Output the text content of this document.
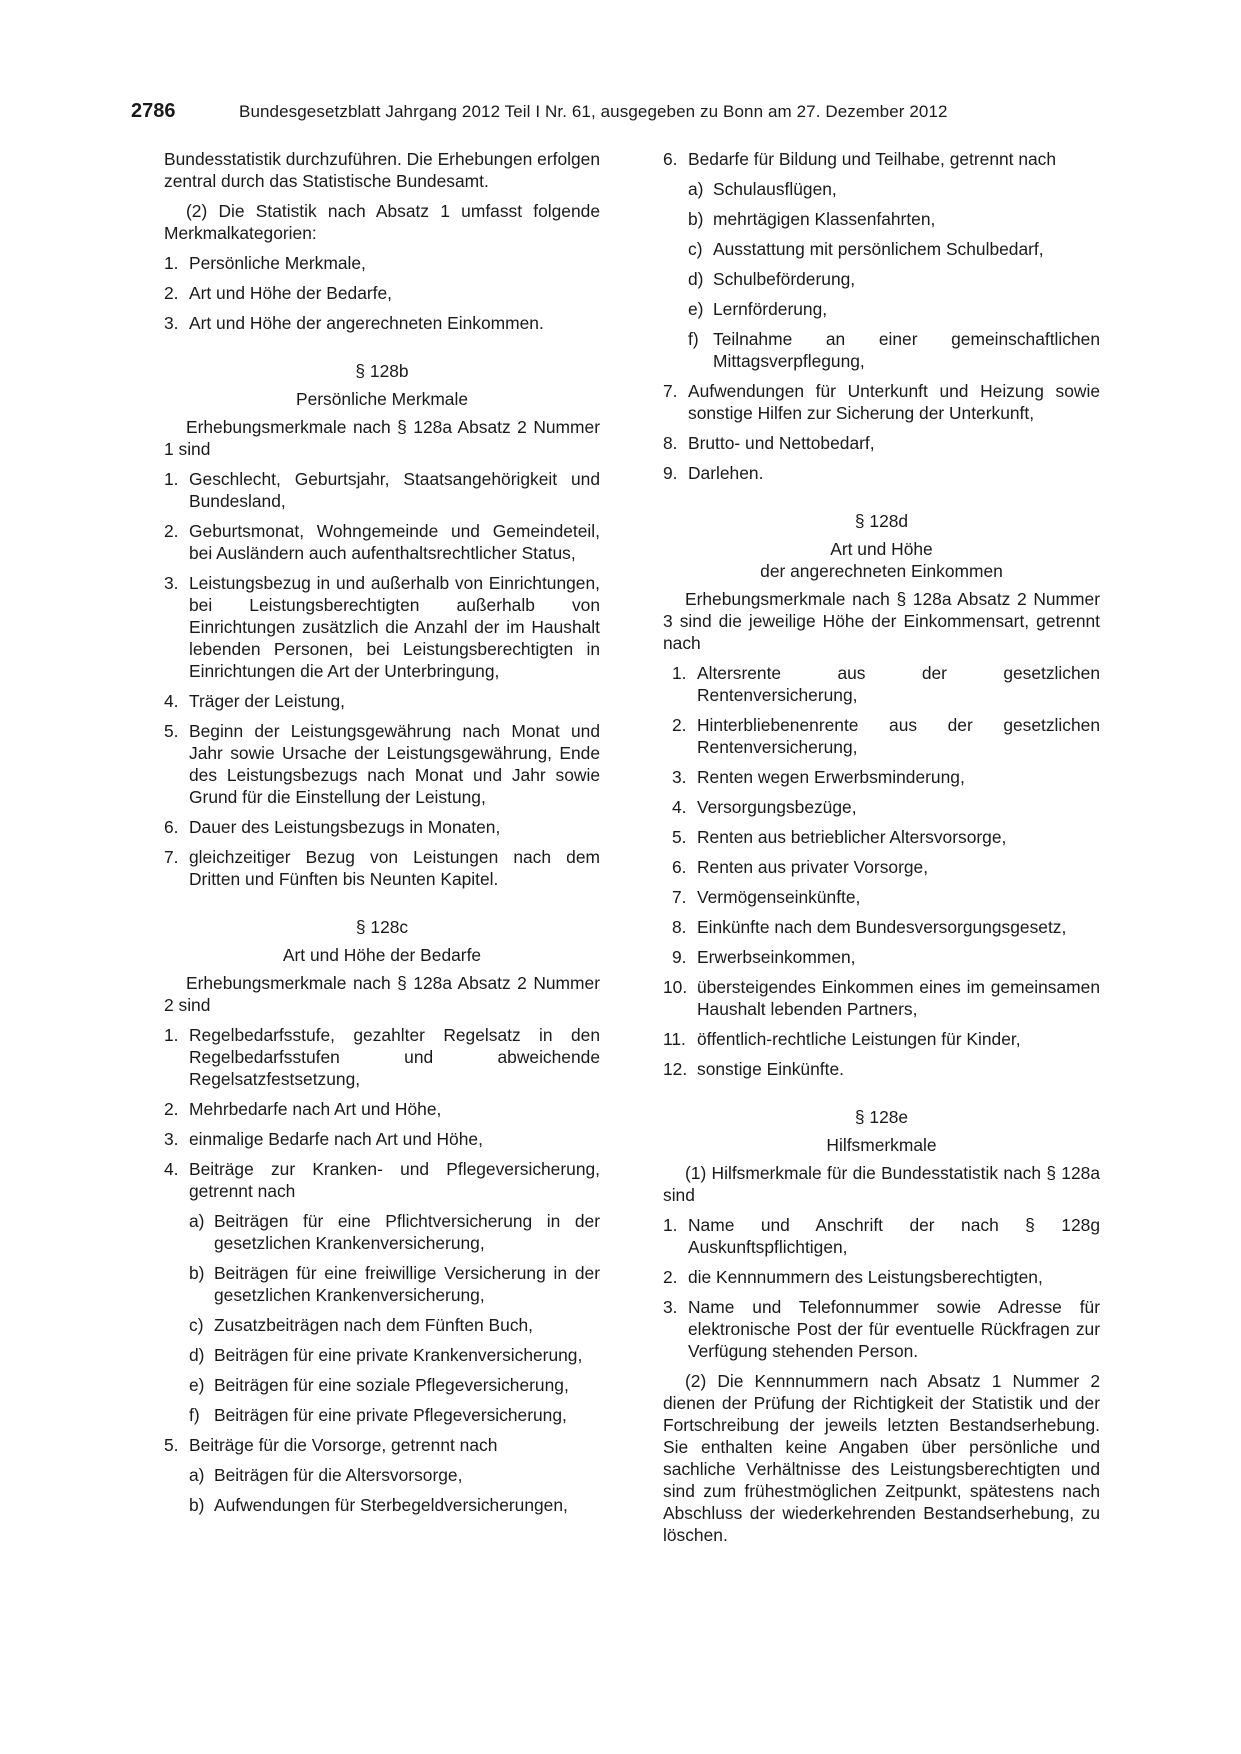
2786	Bundesgesetzblatt Jahrgang 2012 Teil I Nr. 61, ausgegeben zu Bonn am 27. Dezember 2012

Bundesstatistik durchzuführen. Die Erhebungen erfolgen zentral durch das Statistische Bundesamt.

(2) Die Statistik nach Absatz 1 umfasst folgende Merkmalkategorien:

1. Persönliche Merkmale,
2. Art und Höhe der Bedarfe,
3. Art und Höhe der angerechneten Einkommen.
§ 128b
Persönliche Merkmale

Erhebungsmerkmale nach § 128a Absatz 2 Nummer 1 sind

1. Geschlecht, Geburtsjahr, Staatsangehörigkeit und Bundesland,
2. Geburtsmonat, Wohngemeinde und Gemeindeteil, bei Ausländern auch aufenthaltsrechtlicher Status,
3. Leistungsbezug in und außerhalb von Einrichtungen, bei Leistungsberechtigten außerhalb von Einrichtungen zusätzlich die Anzahl der im Haushalt lebenden Personen, bei Leistungsberechtigten in Einrichtungen die Art der Unterbringung,
4. Träger der Leistung,
5. Beginn der Leistungsgewährung nach Monat und Jahr sowie Ursache der Leistungsgewährung, Ende des Leistungsbezugs nach Monat und Jahr sowie Grund für die Einstellung der Leistung,
6. Dauer des Leistungsbezugs in Monaten,
7. gleichzeitiger Bezug von Leistungen nach dem Dritten und Fünften bis Neunten Kapitel.
§ 128c
Art und Höhe der Bedarfe

Erhebungsmerkmale nach § 128a Absatz 2 Nummer 2 sind

1. Regelbedarfsstufe, gezahlter Regelsatz in den Regelbedarfsstufen und abweichende Regelsatzfestsetzung,
2. Mehrbedarfe nach Art und Höhe,
3. einmalige Bedarfe nach Art und Höhe,
4. Beiträge zur Kranken- und Pflegeversicherung, getrennt nach
a) Beiträgen für eine Pflichtversicherung in der gesetzlichen Krankenversicherung,
b) Beiträgen für eine freiwillige Versicherung in der gesetzlichen Krankenversicherung,
c) Zusatzbeiträgen nach dem Fünften Buch,
d) Beiträgen für eine private Krankenversicherung,
e) Beiträgen für eine soziale Pflegeversicherung,
f) Beiträgen für eine private Pflegeversicherung,
5. Beiträge für die Vorsorge, getrennt nach
a) Beiträgen für die Altersvorsorge,
b) Aufwendungen für Sterbegeldversicherungen,
6. Bedarfe für Bildung und Teilhabe, getrennt nach
a) Schulausflügen,
b) mehrtägigen Klassenfahrten,
c) Ausstattung mit persönlichem Schulbedarf,
d) Schulbeförderung,
e) Lernförderung,
f) Teilnahme an einer gemeinschaftlichen Mittagsverpflegung,
7. Aufwendungen für Unterkunft und Heizung sowie sonstige Hilfen zur Sicherung der Unterkunft,
8. Brutto- und Nettobedarf,
9. Darlehen.
§ 128d
Art und Höhe
der angerechneten Einkommen

Erhebungsmerkmale nach § 128a Absatz 2 Nummer 3 sind die jeweilige Höhe der Einkommensart, getrennt nach

1. Altersrente aus der gesetzlichen Rentenversicherung,
2. Hinterbliebenenrente aus der gesetzlichen Rentenversicherung,
3. Renten wegen Erwerbsminderung,
4. Versorgungsbezüge,
5. Renten aus betrieblicher Altersvorsorge,
6. Renten aus privater Vorsorge,
7. Vermögenseinkünfte,
8. Einkünfte nach dem Bundesversorgungsgesetz,
9. Erwerbseinkommen,
10. übersteigendes Einkommen eines im gemeinsamen Haushalt lebenden Partners,
11. öffentlich-rechtliche Leistungen für Kinder,
12. sonstige Einkünfte.
§ 128e
Hilfsmerkmale

(1) Hilfsmerkmale für die Bundesstatistik nach § 128a sind

1. Name und Anschrift der nach § 128g Auskunftspflichtigen,
2. die Kennnummern des Leistungsberechtigten,
3. Name und Telefonnummer sowie Adresse für elektronische Post der für eventuelle Rückfragen zur Verfügung stehenden Person.

(2) Die Kennnummern nach Absatz 1 Nummer 2 dienen der Prüfung der Richtigkeit der Statistik und der Fortschreibung der jeweils letzten Bestandserhebung. Sie enthalten keine Angaben über persönliche und sachliche Verhältnisse des Leistungsberechtigten und sind zum frühestmöglichen Zeitpunkt, spätestens nach Abschluss der wiederkehrenden Bestandserhebung, zu löschen.
